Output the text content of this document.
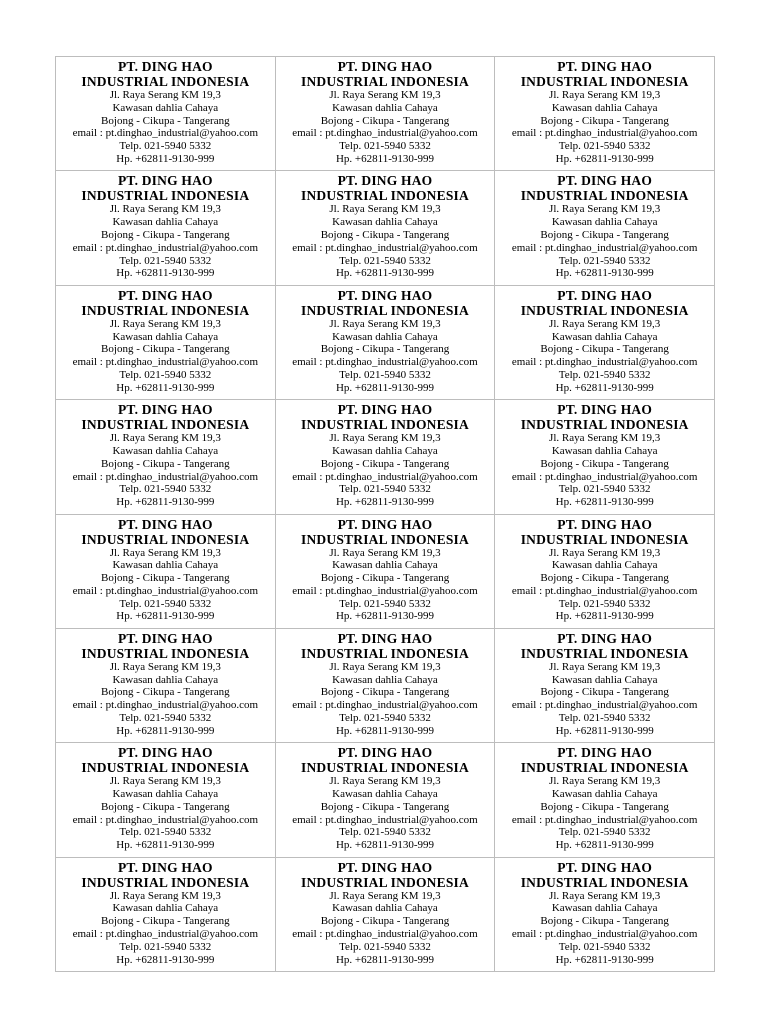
PT. DING HAO
INDUSTRIAL INDONESIA
Jl. Raya Serang KM 19,3
Kawasan dahlia Cahaya
Bojong - Cikupa - Tangerang
email : pt.dinghao_industrial@yahoo.com
Telp. 021-5940 5332
Hp. +62811-9130-999
PT. DING HAO
INDUSTRIAL INDONESIA
Jl. Raya Serang KM 19,3
Kawasan dahlia Cahaya
Bojong - Cikupa - Tangerang
email : pt.dinghao_industrial@yahoo.com
Telp. 021-5940 5332
Hp. +62811-9130-999
PT. DING HAO
INDUSTRIAL INDONESIA
Jl. Raya Serang KM 19,3
Kawasan dahlia Cahaya
Bojong - Cikupa - Tangerang
email : pt.dinghao_industrial@yahoo.com
Telp. 021-5940 5332
Hp. +62811-9130-999
PT. DING HAO
INDUSTRIAL INDONESIA
Jl. Raya Serang KM 19,3
Kawasan dahlia Cahaya
Bojong - Cikupa - Tangerang
email : pt.dinghao_industrial@yahoo.com
Telp. 021-5940 5332
Hp. +62811-9130-999
PT. DING HAO
INDUSTRIAL INDONESIA
Jl. Raya Serang KM 19,3
Kawasan dahlia Cahaya
Bojong - Cikupa - Tangerang
email : pt.dinghao_industrial@yahoo.com
Telp. 021-5940 5332
Hp. +62811-9130-999
PT. DING HAO
INDUSTRIAL INDONESIA
Jl. Raya Serang KM 19,3
Kawasan dahlia Cahaya
Bojong - Cikupa - Tangerang
email : pt.dinghao_industrial@yahoo.com
Telp. 021-5940 5332
Hp. +62811-9130-999
PT. DING HAO
INDUSTRIAL INDONESIA
Jl. Raya Serang KM 19,3
Kawasan dahlia Cahaya
Bojong - Cikupa - Tangerang
email : pt.dinghao_industrial@yahoo.com
Telp. 021-5940 5332
Hp. +62811-9130-999
PT. DING HAO
INDUSTRIAL INDONESIA
Jl. Raya Serang KM 19,3
Kawasan dahlia Cahaya
Bojong - Cikupa - Tangerang
email : pt.dinghao_industrial@yahoo.com
Telp. 021-5940 5332
Hp. +62811-9130-999
PT. DING HAO
INDUSTRIAL INDONESIA
Jl. Raya Serang KM 19,3
Kawasan dahlia Cahaya
Bojong - Cikupa - Tangerang
email : pt.dinghao_industrial@yahoo.com
Telp. 021-5940 5332
Hp. +62811-9130-999
PT. DING HAO
INDUSTRIAL INDONESIA
Jl. Raya Serang KM 19,3
Kawasan dahlia Cahaya
Bojong - Cikupa - Tangerang
email : pt.dinghao_industrial@yahoo.com
Telp. 021-5940 5332
Hp. +62811-9130-999
PT. DING HAO
INDUSTRIAL INDONESIA
Jl. Raya Serang KM 19,3
Kawasan dahlia Cahaya
Bojong - Cikupa - Tangerang
email : pt.dinghao_industrial@yahoo.com
Telp. 021-5940 5332
Hp. +62811-9130-999
PT. DING HAO
INDUSTRIAL INDONESIA
Jl. Raya Serang KM 19,3
Kawasan dahlia Cahaya
Bojong - Cikupa - Tangerang
email : pt.dinghao_industrial@yahoo.com
Telp. 021-5940 5332
Hp. +62811-9130-999
PT. DING HAO
INDUSTRIAL INDONESIA
Jl. Raya Serang KM 19,3
Kawasan dahlia Cahaya
Bojong - Cikupa - Tangerang
email : pt.dinghao_industrial@yahoo.com
Telp. 021-5940 5332
Hp. +62811-9130-999
PT. DING HAO
INDUSTRIAL INDONESIA
Jl. Raya Serang KM 19,3
Kawasan dahlia Cahaya
Bojong - Cikupa - Tangerang
email : pt.dinghao_industrial@yahoo.com
Telp. 021-5940 5332
Hp. +62811-9130-999
PT. DING HAO
INDUSTRIAL INDONESIA
Jl. Raya Serang KM 19,3
Kawasan dahlia Cahaya
Bojong - Cikupa - Tangerang
email : pt.dinghao_industrial@yahoo.com
Telp. 021-5940 5332
Hp. +62811-9130-999
PT. DING HAO
INDUSTRIAL INDONESIA
Jl. Raya Serang KM 19,3
Kawasan dahlia Cahaya
Bojong - Cikupa - Tangerang
email : pt.dinghao_industrial@yahoo.com
Telp. 021-5940 5332
Hp. +62811-9130-999
PT. DING HAO
INDUSTRIAL INDONESIA
Jl. Raya Serang KM 19,3
Kawasan dahlia Cahaya
Bojong - Cikupa - Tangerang
email : pt.dinghao_industrial@yahoo.com
Telp. 021-5940 5332
Hp. +62811-9130-999
PT. DING HAO
INDUSTRIAL INDONESIA
Jl. Raya Serang KM 19,3
Kawasan dahlia Cahaya
Bojong - Cikupa - Tangerang
email : pt.dinghao_industrial@yahoo.com
Telp. 021-5940 5332
Hp. +62811-9130-999
PT. DING HAO
INDUSTRIAL INDONESIA
Jl. Raya Serang KM 19,3
Kawasan dahlia Cahaya
Bojong - Cikupa - Tangerang
email : pt.dinghao_industrial@yahoo.com
Telp. 021-5940 5332
Hp. +62811-9130-999
PT. DING HAO
INDUSTRIAL INDONESIA
Jl. Raya Serang KM 19,3
Kawasan dahlia Cahaya
Bojong - Cikupa - Tangerang
email : pt.dinghao_industrial@yahoo.com
Telp. 021-5940 5332
Hp. +62811-9130-999
PT. DING HAO
INDUSTRIAL INDONESIA
Jl. Raya Serang KM 19,3
Kawasan dahlia Cahaya
Bojong - Cikupa - Tangerang
email : pt.dinghao_industrial@yahoo.com
Telp. 021-5940 5332
Hp. +62811-9130-999
PT. DING HAO
INDUSTRIAL INDONESIA
Jl. Raya Serang KM 19,3
Kawasan dahlia Cahaya
Bojong - Cikupa - Tangerang
email : pt.dinghao_industrial@yahoo.com
Telp. 021-5940 5332
Hp. +62811-9130-999
PT. DING HAO
INDUSTRIAL INDONESIA
Jl. Raya Serang KM 19,3
Kawasan dahlia Cahaya
Bojong - Cikupa - Tangerang
email : pt.dinghao_industrial@yahoo.com
Telp. 021-5940 5332
Hp. +62811-9130-999
PT. DING HAO
INDUSTRIAL INDONESIA
Jl. Raya Serang KM 19,3
Kawasan dahlia Cahaya
Bojong - Cikupa - Tangerang
email : pt.dinghao_industrial@yahoo.com
Telp. 021-5940 5332
Hp. +62811-9130-999
